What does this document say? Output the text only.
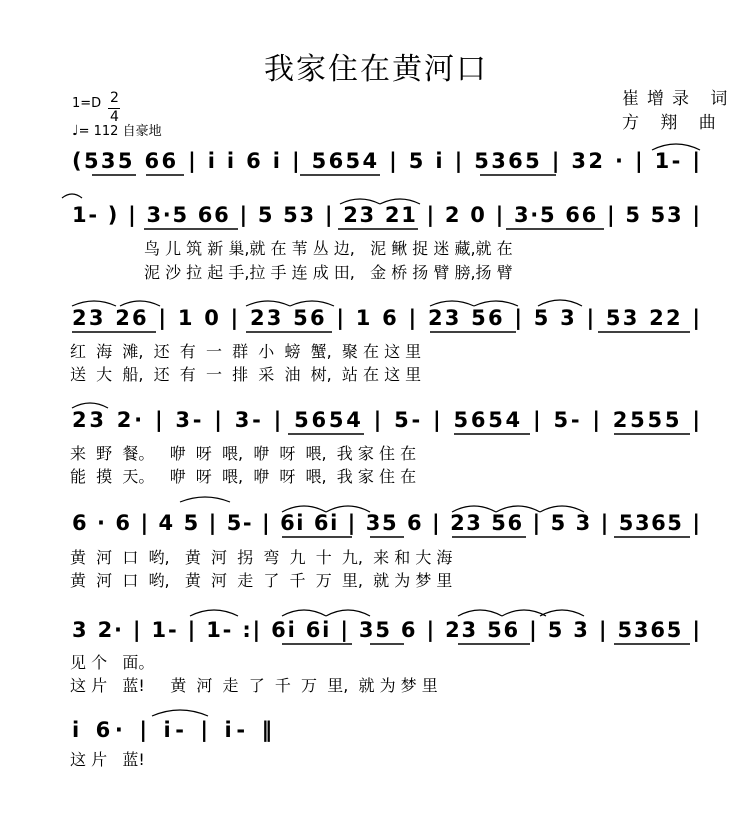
我家住在黄河口
崔增录 词
方 翔 曲
1=D 2
4
♩= 112 自豪地
(535 66 | i i 6 i | 5654 | 5 i | 5365 | 32 · | 1- |
1- ) | 3·5 66 | 5 53 | 23 21 | 2 0 | 3·5 66 | 5 53 |
23 26 | 1 0 | 23 56 | 1 6 | 23 56 | 5 3 | 53 22 |
23 2· | 3- | 3- | 5654 | 5- | 5654 | 5- | 2555 |
6 · 6 | 4 5 | 5- | 6i 6i | 35 6 | 23 56 | 5 3 | 5365 |
3 2· | 1- | 1- :| 6i 6i | 35 6 | 23 56 | 5 3 | 5365 |
i 6· | i- | i- ‖
鸟 儿 筑 新 巢,就 在 苇 丛 边,   泥 鳅 捉 迷 藏,就 在
泥 沙 拉 起 手,拉 手 连 成 田,   金 桥 扬 臂 膀,扬 臂
红  海  滩,  还  有  一  群  小  螃  蟹,  聚 在 这 里
送  大  船,  还  有  一  排  采  油  树,  站 在 这 里
来  野  餐。   咿  呀  喂,  咿  呀  喂,  我 家 住 在
能  摸  天。   咿  呀  喂,  咿  呀  喂,  我 家 住 在
黄  河  口  哟,   黄  河  拐  弯  九  十  九,  来 和 大 海
黄  河  口  哟,   黄  河  走  了  千  万  里,  就 为 梦 里
见 个   面。
这 片   蓝!     黄  河  走  了  千  万  里,  就 为 梦 里
这 片   蓝!
